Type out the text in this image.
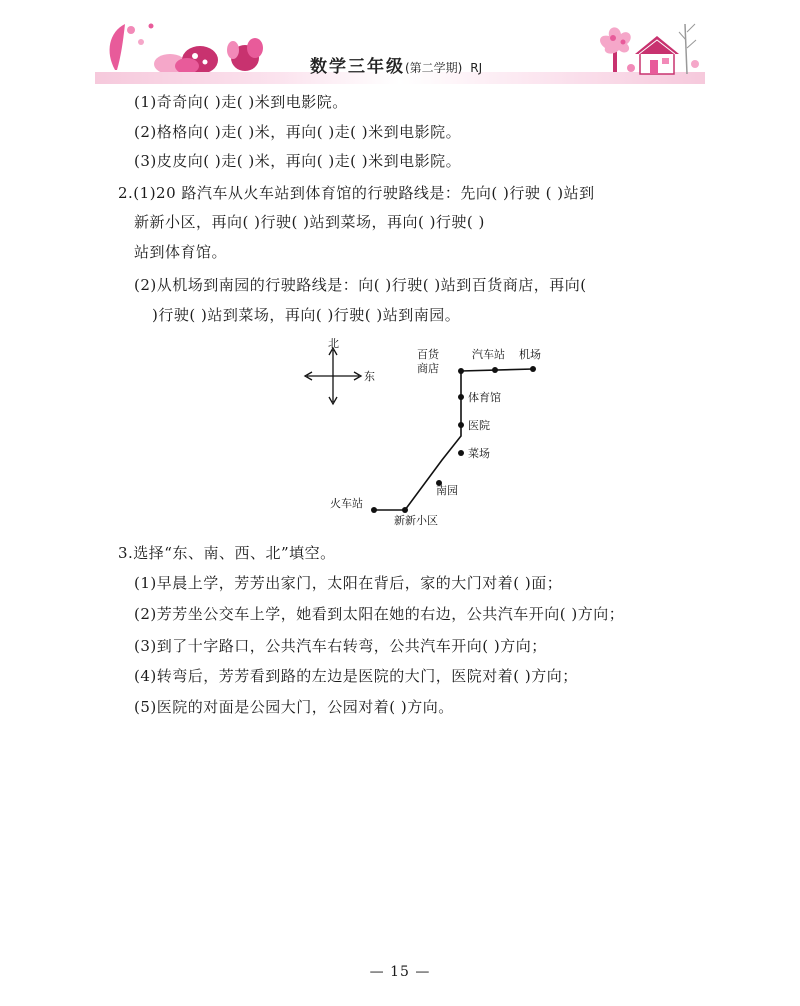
数学三年级(第二学期) RJ
(1)奇奇向( )走( )米到电影院。
(2)格格向( )走( )米，再向( )走( )米到电影院。
(3)皮皮向( )走( )米，再向( )走( )米到电影院。
2.(1)20 路汽车从火车站到体育馆的行驶路线是：先向( )行驶 ( )站到
新新小区，再向( )行驶( )站到菜场，再向( )行驶( )
站到体育馆。
(2)从机场到南园的行驶路线是：向( )行驶( )站到百货商店，再向(
)行驶( )站到菜场，再向( )行驶( )站到南园。
北
东
百货
商店
汽车站 机场
体育馆
医院
菜场
南园
火车站
新新小区
3.选择“东、南、西、北”填空。
(1)早晨上学，芳芳出家门，太阳在背后，家的大门对着( )面；
(2)芳芳坐公交车上学，她看到太阳在她的右边，公共汽车开向( )方向；
(3)到了十字路口，公共汽车右转弯，公共汽车开向( )方向；
(4)转弯后，芳芳看到路的左边是医院的大门，医院对着( )方向；
(5)医院的对面是公园大门，公园对着( )方向。
— 15 —
